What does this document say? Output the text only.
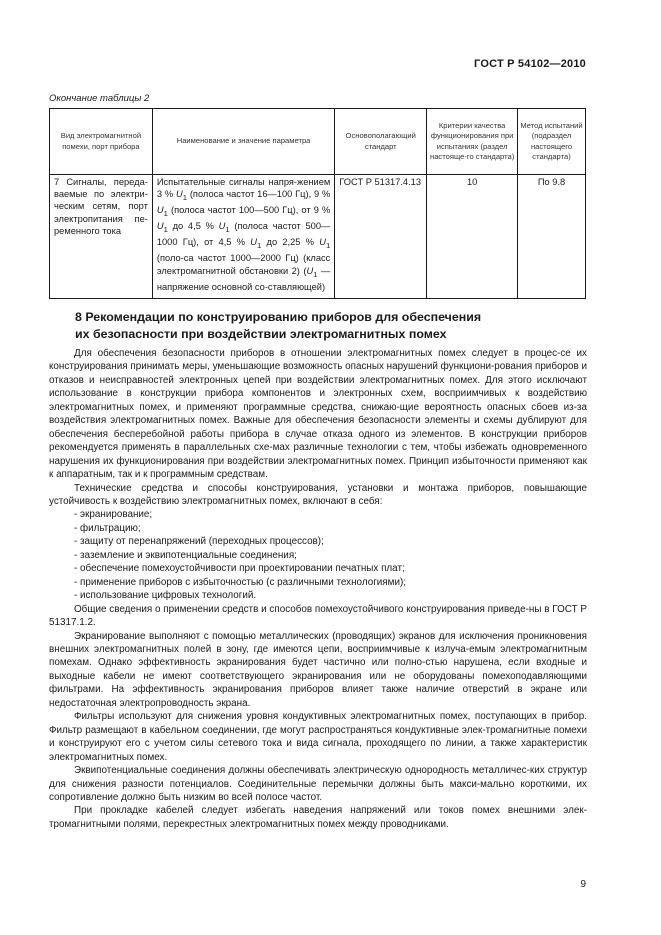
ГОСТ Р 54102—2010
Окончание таблицы 2
Вид электромагнитной помехи, порт прибора	Наименование и значение параметра	Основополагающий стандарт	Критерии качества функционирования при испытаниях (раздел настояще-го стандарта)	Метод испытаний (подраздел настоящего стандарта)
7 Сигналы, переда-ваемые по электри-ческим сетям, порт электропитания пе-ременного тока	Испытательные сигналы напря-жением 3 % $U_1$ (полоса частот 16—100 Гц), 9 % $U_1$ (полоса частот 100—500 Гц), от 9 % $U_1$ до 4,5 % $U_1$ (полоса частот 500—1000 Гц), от 4,5 % $U_1$ до 2,25 % $U_1$ (поло-са частот 1000—2000 Гц) (класс электромагнитной обстановки 2) ($U_1$ — напряжение основной со-ставляющей)	ГОСТ Р 51317.4.13	10	По 9.8
8 Рекомендации по конструированию приборов для обеспечения
их безопасности при воздействии электромагнитных помех

Для обеспечения безопасности приборов в отношении электромагнитных помех следует в процес-се их конструирования принимать меры, уменьшающие возможность опасных нарушений функциони-рования приборов и отказов и неисправностей электронных цепей при воздействии электромагнитных помех. Для этого исключают использование в конструкции прибора компонентов и электронных схем, восприимчивых к воздействию электромагнитных помех, и применяют программные средства, снижаю-щие вероятность опасных сбоев из-за воздействия электромагнитных помех. Важные для обеспечения безопасности элементы и схемы дублируют для обеспечения бесперебойной работы прибора в случае отказа одного из элементов. В конструкции приборов рекомендуется применять в параллельных схе-мах различные технологии с тем, чтобы избежать одновременного нарушения их функционирования при воздействии электромагнитных помех. Принцип избыточности применяют как к аппаратным, так и к программным средствам.

Технические средства и способы конструирования, установки и монтажа приборов, повышающие устойчивость к воздействию электромагнитных помех, включают в себя:

- экранирование;
- фильтрацию;
- защиту от перенапряжений (переходных процессов);
- заземление и эквипотенциальные соединения;
- обеспечение помехоустойчивости при проектировании печатных плат;
- применение приборов с избыточностью (с различными технологиями);
- использование цифровых технологий.

Общие сведения о применении средств и способов помехоустойчивого конструирования приведе-ны в ГОСТ Р 51317.1.2.

Экранирование выполняют с помощью металлических (проводящих) экранов для исключения проникновения внешних электромагнитных полей в зону, где имеются цепи, восприимчивые к излуча-емым электромагнитным помехам. Однако эффективность экранирования будет частично или полно-стью нарушена, если входные и выходные кабели не имеют соответствующего экранирования или не оборудованы помехоподавляющими фильтрами. На эффективность экранирования приборов влияет также наличие отверстий в экране или недостаточная электропроводность экрана.

Фильтры используют для снижения уровня кондуктивных электромагнитных помех, поступающих в прибор. Фильтр размещают в кабельном соединении, где могут распространяться кондуктивные элек-тромагнитные помехи и конструируют его с учетом силы сетевого тока и вида сигнала, проходящего по линии, а также характеристик электромагнитных помех.

Эквипотенциальные соединения должны обеспечивать электрическую однородность металличес-ких структур для снижения разности потенциалов. Соединительные перемычки должны быть макси-мально короткими, их сопротивление должно быть низким во всей полосе частот.

При прокладке кабелей следует избегать наведения напряжений или токов помех внешними элек-тромагнитными полями, перекрестных электромагнитных помех между проводниками.

9
